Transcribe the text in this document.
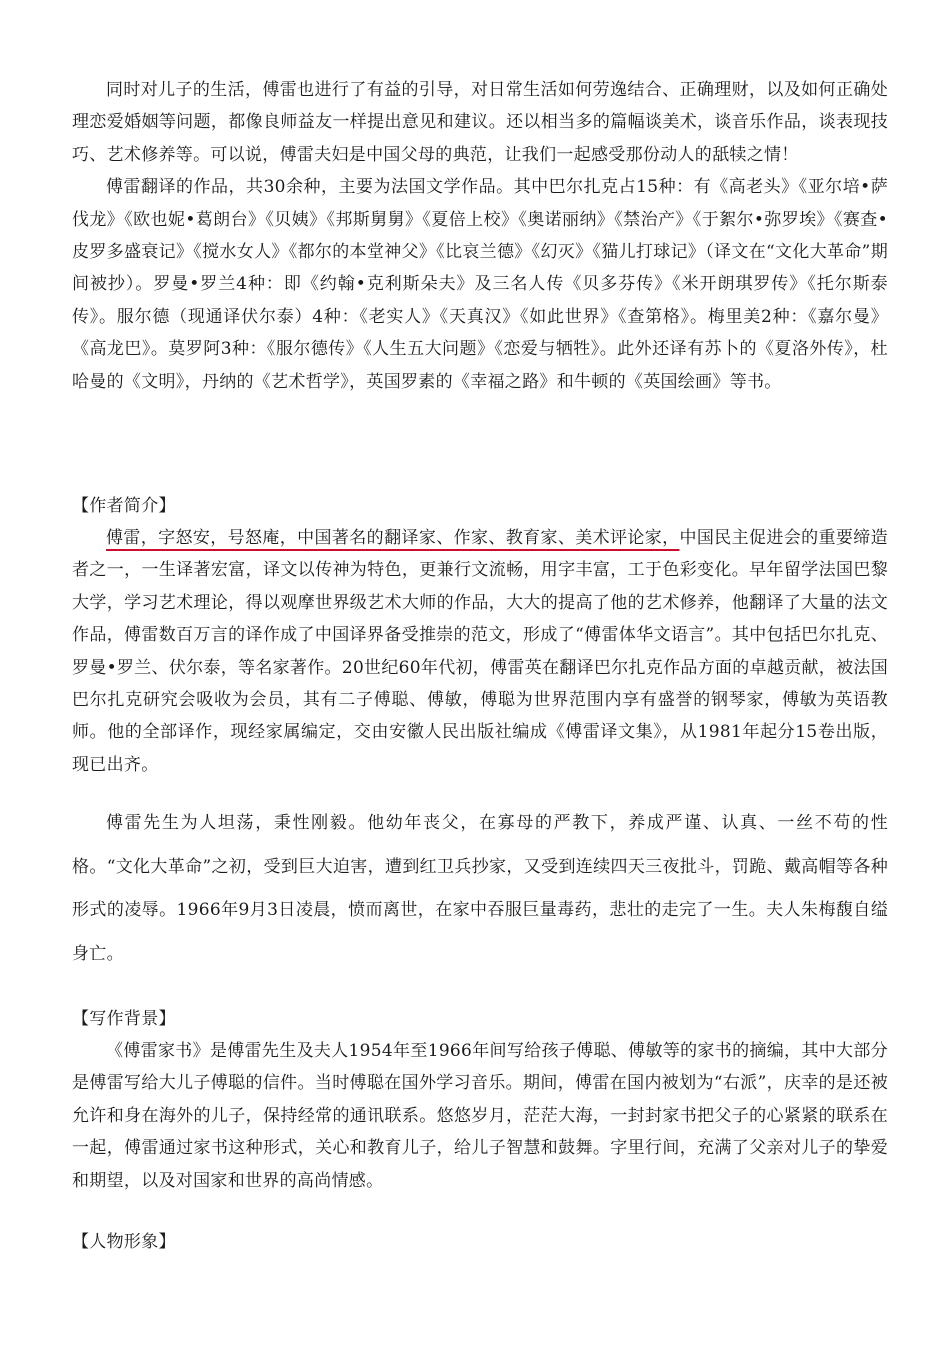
同时对儿子的生活，傅雷也进行了有益的引导，对日常生活如何劳逸结合、正确理财，以及如何正确处理恋爱婚姻等问题，都像良师益友一样提出意见和建议。还以相当多的篇幅谈美术，谈音乐作品，谈表现技巧、艺术修养等。可以说，傅雷夫妇是中国父母的典范，让我们一起感受那份动人的舐犊之情！

傅雷翻译的作品，共30余种，主要为法国文学作品。其中巴尔扎克占15种：有《高老头》《亚尔培•萨伐龙》《欧也妮•葛朗台》《贝姨》《邦斯舅舅》《夏倍上校》《奥诺丽纳》《禁治产》《于絮尔•弥罗埃》《赛查•皮罗多盛衰记》《搅水女人》《都尔的本堂神父》《比哀兰德》《幻灭》《猫儿打球记》（译文在“文化大革命”期间被抄）。罗曼•罗兰4种：即《约翰•克利斯朵夫》及三名人传《贝多芬传》《米开朗琪罗传》《托尔斯泰传》。服尔德（现通译伏尔泰）4种：《老实人》《天真汉》《如此世界》《查第格》。梅里美2种：《嘉尔曼》《高龙巴》。莫罗阿3种：《服尔德传》《人生五大问题》《恋爱与牺牲》。此外还译有苏卜的《夏洛外传》，杜哈曼的《文明》，丹纳的《艺术哲学》，英国罗素的《幸福之路》和牛顿的《英国绘画》等书。

【作者简介】

傅雷，字怒安，号怒庵，中国著名的翻译家、作家、教育家、美术评论家，中国民主促进会的重要缔造者之一，一生译著宏富，译文以传神为特色，更兼行文流畅，用字丰富，工于色彩变化。早年留学法国巴黎大学，学习艺术理论，得以观摩世界级艺术大师的作品，大大的提高了他的艺术修养，他翻译了大量的法文作品，傅雷数百万言的译作成了中国译界备受推崇的范文，形成了“傅雷体华文语言”。其中包括巴尔扎克、罗曼•罗兰、伏尔泰，等名家著作。20世纪60年代初，傅雷英在翻译巴尔扎克作品方面的卓越贡献，被法国巴尔扎克研究会吸收为会员，其有二子傅聪、傅敏，傅聪为世界范围内享有盛誉的钢琴家，傅敏为英语教师。他的全部译作，现经家属编定，交由安徽人民出版社编成《傅雷译文集》，从1981年起分15卷出版，现已出齐。

傅雷先生为人坦荡，秉性刚毅。他幼年丧父，在寡母的严教下，养成严谨、认真、一丝不苟的性格。“文化大革命”之初，受到巨大迫害，遭到红卫兵抄家，又受到连续四天三夜批斗，罚跪、戴高帽等各种形式的凌辱。1966年9月3日凌晨，愤而离世，在家中吞服巨量毒药，悲壮的走完了一生。夫人朱梅馥自缢身亡。

【写作背景】

《傅雷家书》是傅雷先生及夫人1954年至1966年间写给孩子傅聪、傅敏等的家书的摘编，其中大部分是傅雷写给大儿子傅聪的信件。当时傅聪在国外学习音乐。期间，傅雷在国内被划为“右派”，庆幸的是还被允许和身在海外的儿子，保持经常的通讯联系。悠悠岁月，茫茫大海，一封封家书把父子的心紧紧的联系在一起，傅雷通过家书这种形式，关心和教育儿子，给儿子智慧和鼓舞。字里行间，充满了父亲对儿子的挚爱和期望，以及对国家和世界的高尚情感。

【人物形象】
